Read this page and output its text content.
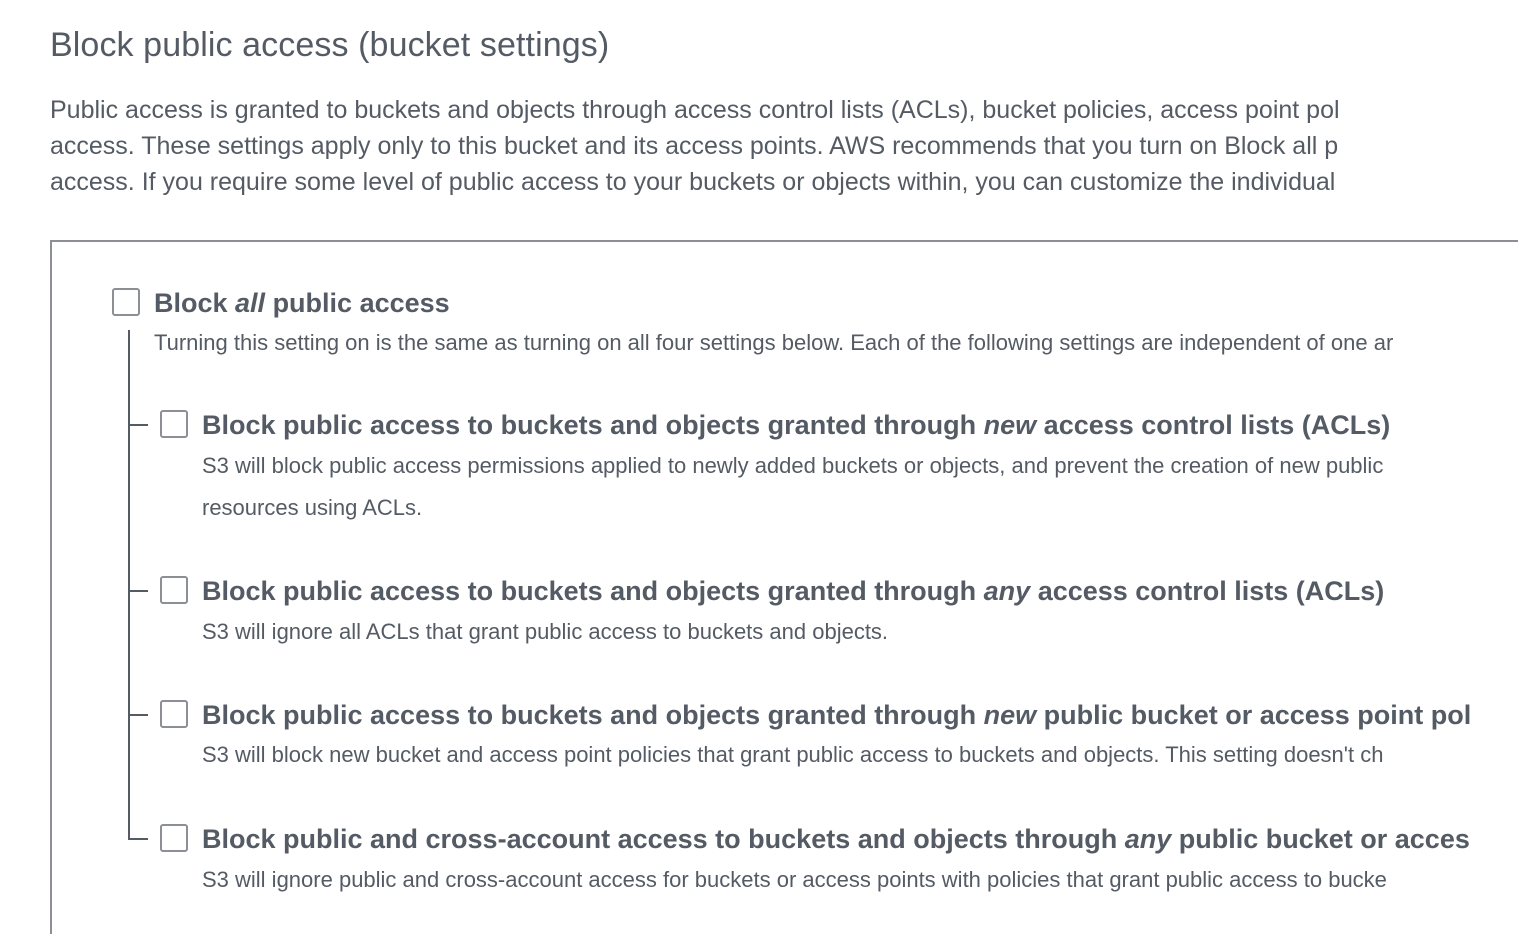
Block public access (bucket settings)
Public access is granted to buckets and objects through access control lists (ACLs), bucket policies, access point pol
access. These settings apply only to this bucket and its access points. AWS recommends that you turn on Block all p
access. If you require some level of public access to your buckets or objects within, you can customize the individual
Block all public access
Turning this setting on is the same as turning on all four settings below. Each of the following settings are independent of one ar
Block public access to buckets and objects granted through new access control lists (ACLs)
S3 will block public access permissions applied to newly added buckets or objects, and prevent the creation of new public
resources using ACLs.
Block public access to buckets and objects granted through any access control lists (ACLs)
S3 will ignore all ACLs that grant public access to buckets and objects.
Block public access to buckets and objects granted through new public bucket or access point pol
S3 will block new bucket and access point policies that grant public access to buckets and objects. This setting doesn't ch
Block public and cross-account access to buckets and objects through any public bucket or acces
S3 will ignore public and cross-account access for buckets or access points with policies that grant public access to bucke
